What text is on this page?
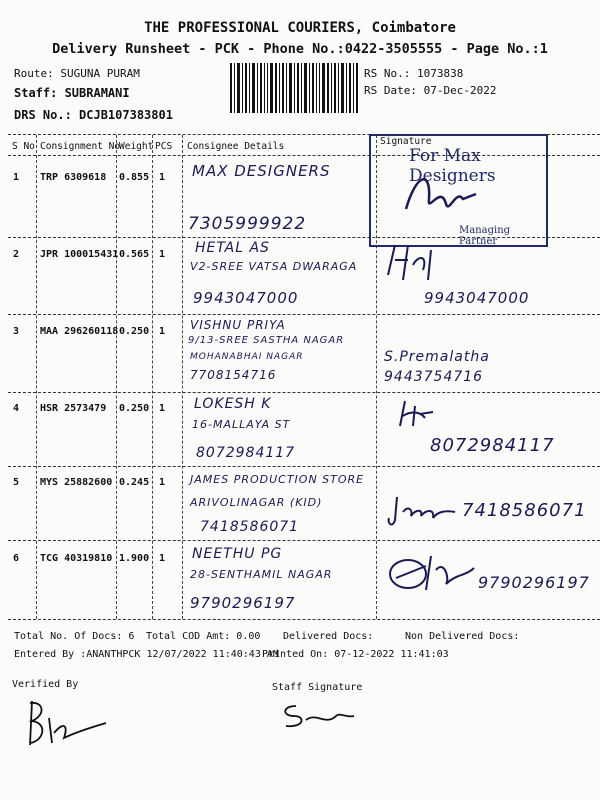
THE PROFESSIONAL COURIERS, Coimbatore
Delivery Runsheet - PCK - Phone No.:0422-3505555 - Page No.:1
Route: SUGUNA PURAM
Staff: SUBRAMANI
DRS No.: DCJB107383801
RS No.: 1073838
RS Date: 07-Dec-2022
S No Consignment No
Weight PCS Consignee Details	Signature
1 TRP 6309618 0.855 1 MAX DESIGNERS
7305999922
For Max Designers
Managing Partner
2 JPR 100015431 0.565 1 HETAL AS
V2-SREE VATSA DWARAGA
9943047000	9943047000
3 MAA 296260118 0.250 1 VISHNU PRIYA
9/13-SREE SASTHA NAGAR
MOHANABHAI NAGAR
7708154716
S.Premalatha 9443754716
4 HSR 2573479 0.250 1 LOKESH K
16-MALLAYA ST
8072984117	8072984117
5 MYS 25882600 0.245 1 JAMES PRODUCTION STORE
ARIVOLINAGAR (KID)
7418586071
7418586071
6 TCG 40319810 1.900 1 NEETHU PG
28-SENTHAMIL NAGAR
9790296197
9790296197
Total No. Of Docs: 6 Total COD Amt: 0.00 Delivered Docs:	Non Delivered Docs:
Entered By :ANANTHPCK 12/07/2022 11:40:43 AM
Printed On: 07-12-2022 11:41:03
Verified By	Staff Signature
